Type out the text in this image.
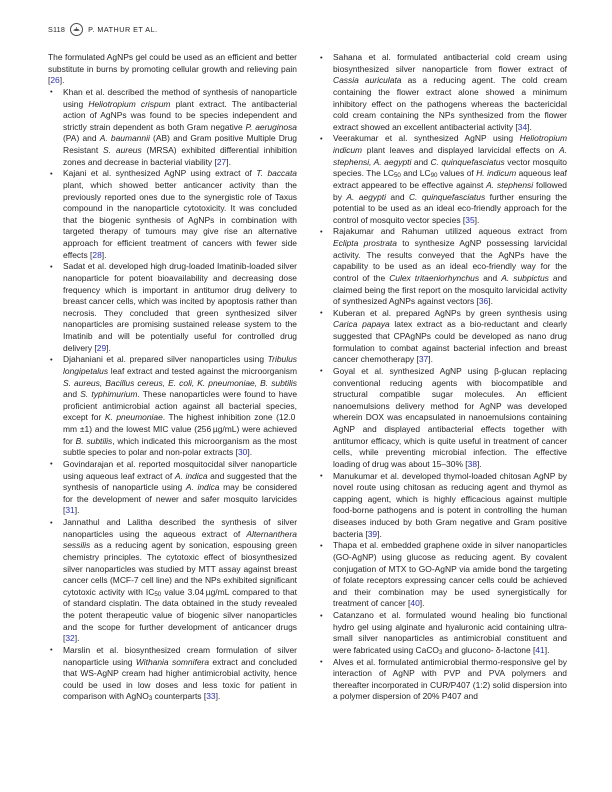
S118	P. MATHUR ET AL.

The formulated AgNPs gel could be used as an efficient and better substitute in burns by promoting cellular growth and relieving pain [26].

• Khan et al. described the method of synthesis of nanoparticle using Heliotropium crispum plant extract. The antibacterial action of AgNPs was found to be species independent and strictly strain dependent as both Gram negative P. aeruginosa (PA) and A. baumannii (AB) and Gram positive Multiple Drug Resistant S. aureus (MRSA) exhibited differential inhibition zones and decrease in bacterial viability [27].
• Kajani et al. synthesized AgNP using extract of T. baccata plant, which showed better anticancer activity than the previously reported ones due to the synergistic role of Taxus compound in the nanoparticle cytotoxicity. It was concluded that the biogenic synthesis of AgNPs in combination with targeted therapy of tumours may give rise an alternative approach for efficient treatment of cancers with fewer side effects [28].
• Sadat et al. developed high drug-loaded Imatinib-loaded silver nanoparticle for potent bioavailability and decreasing dose frequency which is important in antitumor drug delivery to breast cancer cells, which was incited by apoptosis rather than necrosis. They concluded that green synthesized silver nanoparticles are promising sustained release system to the Imatinib and will be potentially useful for controlled drug delivery [29].
• Djahaniani et al. prepared silver nanoparticles using Tribulus longipetalus leaf extract and tested against the microorganism S. aureus, Bacillus cereus, E. coli, K. pneumoniae, B. subtilis and S. typhimurium. These nanoparticles were found to have proficient antimicrobial action against all bacterial species, except for K. pneumoniae. The highest inhibition zone (12.0 mm ±1) and the lowest MIC value (256 µg/mL) were achieved for B. subtilis, which indicated this microorganism as the most subtle species to polar and non-polar extracts [30].
• Govindarajan et al. reported mosquitocidal silver nanoparticle using aqueous leaf extract of A. indica and suggested that the synthesis of nanoparticle using A. indica may be considered for the development of newer and safer mosquito larvicides [31].
• Jannathul and Lalitha described the synthesis of silver nanoparticles using the aqueous extract of Alternanthera sessilis as a reducing agent by sonication, espousing green chemistry principles. The cytotoxic effect of biosynthesized silver nanoparticles was studied by MTT assay against breast cancer cells (MCF-7 cell line) and the NPs exhibited significant cytotoxic activity with $IC_{50}$ value 3.04 µg/mL compared to that of standard cisplatin. The data obtained in the study revealed the potent therapeutic value of biogenic silver nanoparticles and the scope for further development of anticancer drugs [32].
• Marslin et al. biosynthesized cream formulation of silver nanoparticle using Withania somnifera extract and concluded that WS-AgNP cream had higher antimicrobial activity, hence could be used in low doses and less toxic for patient in comparison with AgNO$_3$ counterparts [33].
• Sahana et al. formulated antibacterial cold cream using biosynthesized silver nanoparticle from flower extract of Cassia auriculata as a reducing agent. The cold cream containing the flower extract alone showed a minimum inhibitory effect on the pathogens whereas the bactericidal cold cream containing the NPs synthesized from the flower extract showed an excellent antibacterial activity [34].
• Veerakumar et al. synthesized AgNP using Heliotropium indicum plant leaves and displayed larvicidal effects on A. stephensi, A. aegypti and C. quinquefasciatus vector mosquito species. The $LC_{50}$ and $LC_{90}$ values of H. indicum aqueous leaf extract appeared to be effective against A. stephensi followed by A. aegypti and C. quinquefasciatus further ensuring the potential to be used as an ideal eco-friendly approach for the control of mosquito vector species [35].
• Rajakumar and Rahuman utilized aqueous extract from Eclipta prostrata to synthesize AgNP possessing larvicidal activity. The results conveyed that the AgNPs have the capability to be used as an ideal eco-friendly way for the control of the Culex tritaeniorhynchus and A. subpictus and claimed being the first report on the mosquito larvicidal activity of synthesized AgNPs against vectors [36].
• Kuberan et al. prepared AgNPs by green synthesis using Carica papaya latex extract as a bio-reductant and clearly suggested that CPAgNPs could be developed as nano drug formulation to combat against bacterial infection and breast cancer chemotherapy [37].
• Goyal et al. synthesized AgNP using β-glucan replacing conventional reducing agents with biocompatible and structural compatible sugar molecules. An efficient nanoemulsions delivery method for AgNP was developed wherein DOX was encapsulated in nanoemulsions containing AgNP and displayed antibacterial effects together with antitumor efficacy, which is quite useful in treatment of cancer cells, while preventing microbial infection. The effective loading of drug was about 15–30% [38].
• Manukumar et al. developed thymol-loaded chitosan AgNP by novel route using chitosan as reducing agent and thymol as capping agent, which is highly efficacious against multiple food-borne pathogens and is potent in controlling the human diseases induced by both Gram negative and Gram positive bacteria [39].
• Thapa et al. embedded graphene oxide in silver nanoparticles (GO-AgNP) using glucose as reducing agent. By covalent conjugation of MTX to GO-AgNP via amide bond the targeting of folate receptors expressing cancer cells could be achieved and their combination may be used synergistically for treatment of cancer [40].
• Catanzano et al. formulated wound healing bio functional hydro gel using alginate and hyaluronic acid containing ultra-small silver nanoparticles as antimicrobial constituent and were fabricated using CaCO$_3$ and glucono- δ-lactone [41].
• Alves et al. formulated antimicrobial thermo-responsive gel by interaction of AgNP with PVP and PVA polymers and thereafter incorporated in CUR/P407 (1:2) solid dispersion into a polymer dispersion of 20% P407 and
